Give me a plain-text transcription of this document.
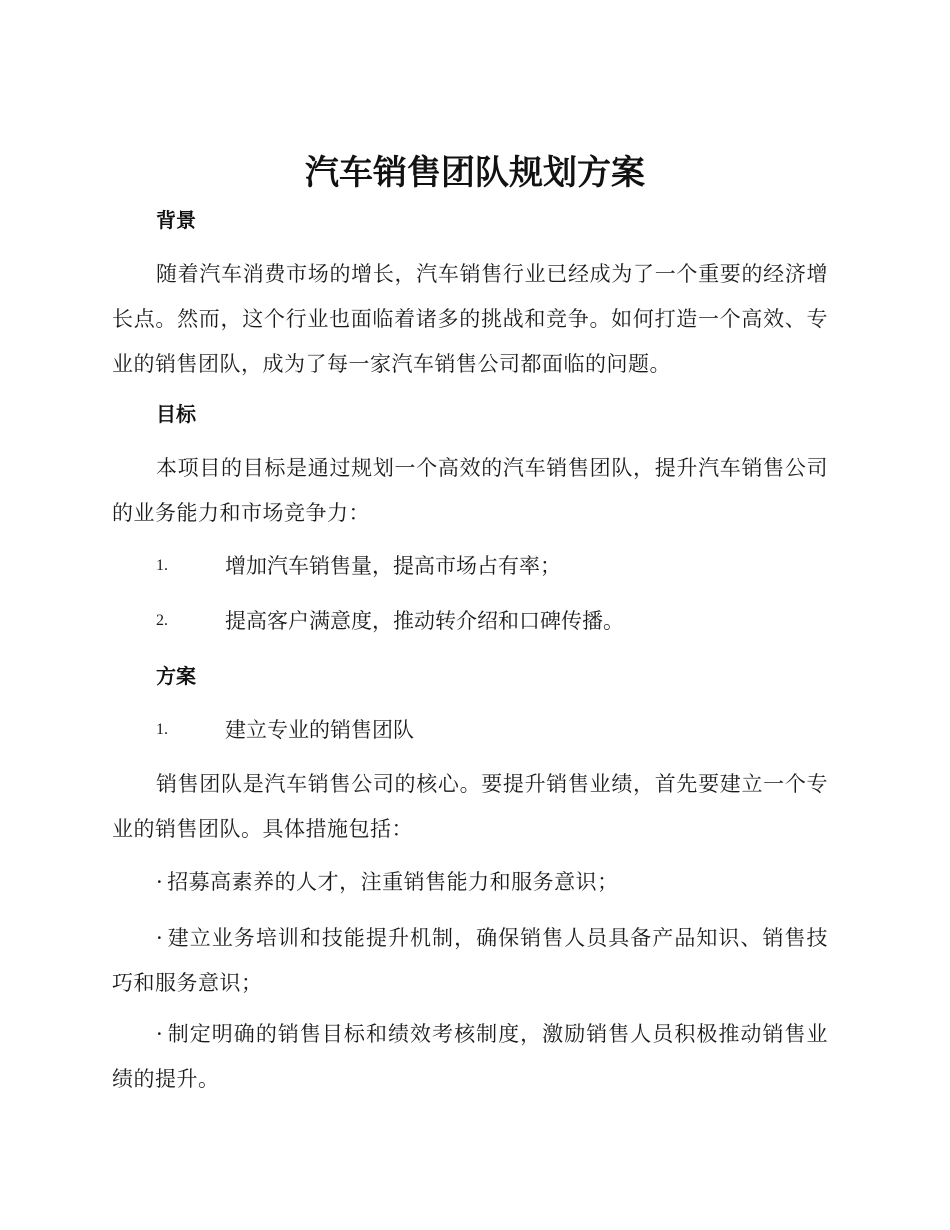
汽车销售团队规划方案
背景
随着汽车消费市场的增长，汽车销售行业已经成为了一个重要的经济增长点。然而，这个行业也面临着诸多的挑战和竞争。如何打造一个高效、专业的销售团队，成为了每一家汽车销售公司都面临的问题。
目标
本项目的目标是通过规划一个高效的汽车销售团队，提升汽车销售公司的业务能力和市场竞争力：
1.	增加汽车销售量，提高市场占有率；
2.	提高客户满意度，推动转介绍和口碑传播。
方案
1.	建立专业的销售团队
销售团队是汽车销售公司的核心。要提升销售业绩，首先要建立一个专业的销售团队。具体措施包括：
· 招募高素养的人才，注重销售能力和服务意识；
· 建立业务培训和技能提升机制，确保销售人员具备产品知识、销售技巧和服务意识；
· 制定明确的销售目标和绩效考核制度，激励销售人员积极推动销售业绩的提升。
